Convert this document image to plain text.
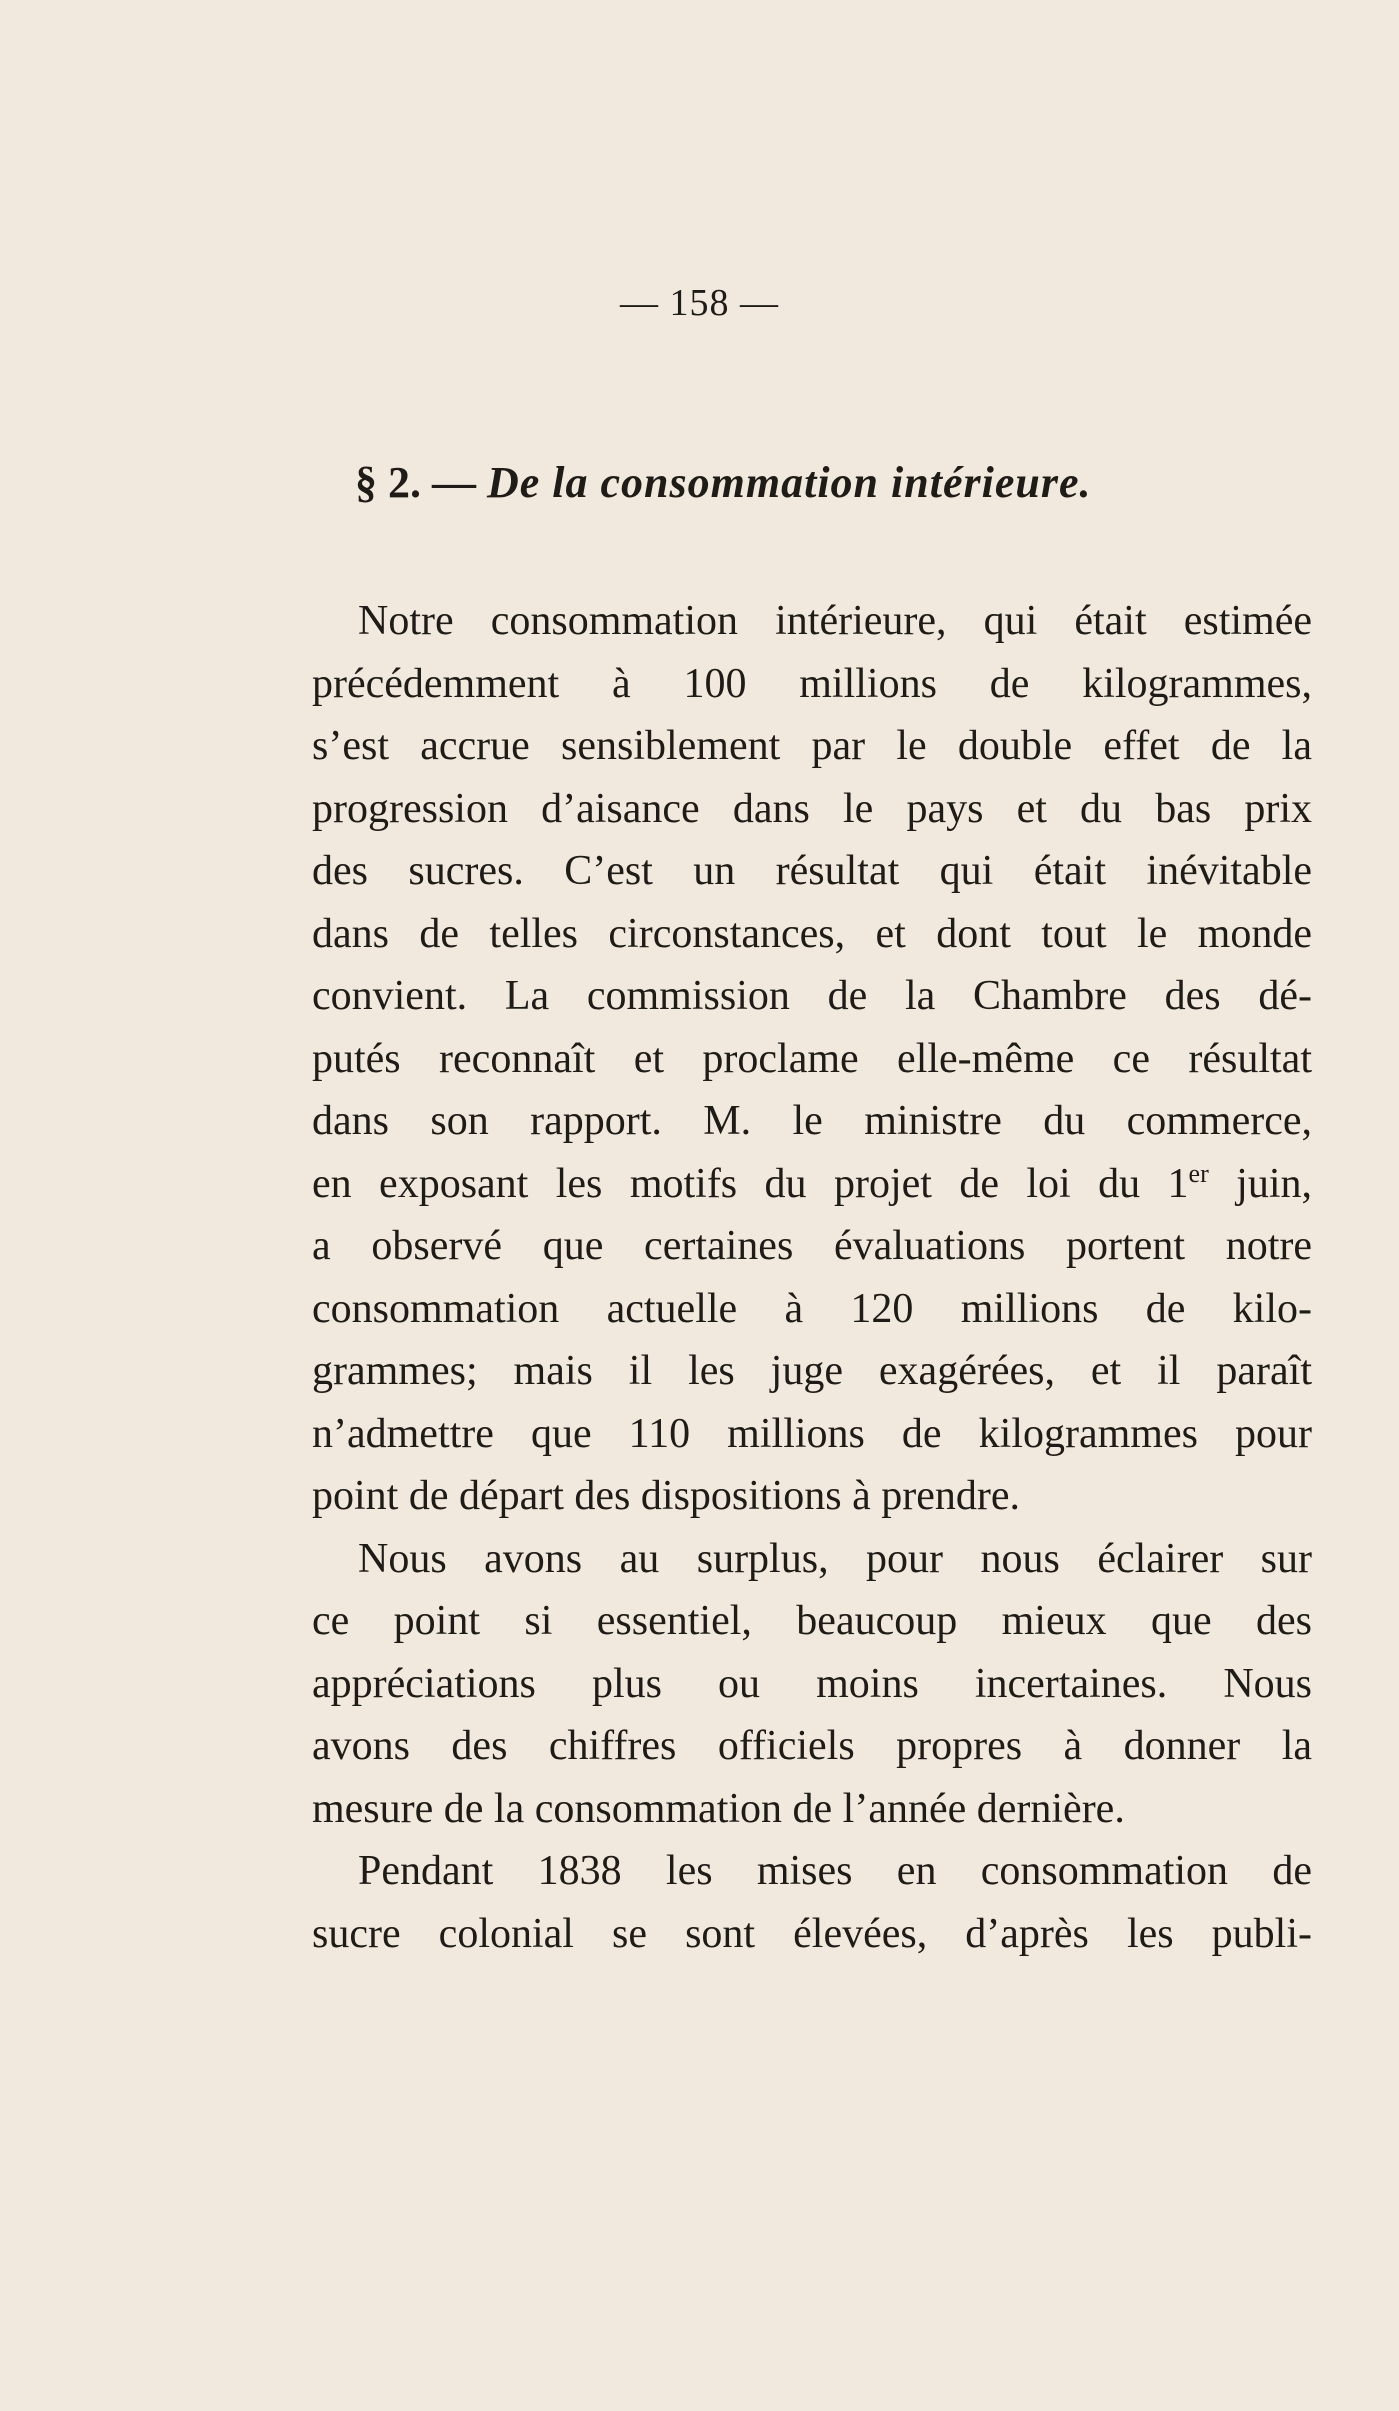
— 158 —
§ 2. — De la consommation intérieure.

Notre consommation intérieure, qui était estimée
précédemment à 100 millions de kilogrammes,
s’est accrue sensiblement par le double effet de la
progression d’aisance dans le pays et du bas prix
des sucres. C’est un résultat qui était inévitable
dans de telles circonstances, et dont tout le monde
convient. La commission de la Chambre des dé-
putés reconnaît et proclame elle-même ce résultat
dans son rapport. M. le ministre du commerce,
en exposant les motifs du projet de loi du 1er juin,
a observé que certaines évaluations portent notre
consommation actuelle à 120 millions de kilo-
grammes; mais il les juge exagérées, et il paraît
n’admettre que 110 millions de kilogrammes pour
point de départ des dispositions à prendre.

Nous avons au surplus, pour nous éclairer sur
ce point si essentiel, beaucoup mieux que des
appréciations plus ou moins incertaines. Nous
avons des chiffres officiels propres à donner la
mesure de la consommation de l’année dernière.

Pendant 1838 les mises en consommation de
sucre colonial se sont élevées, d’après les publi-
